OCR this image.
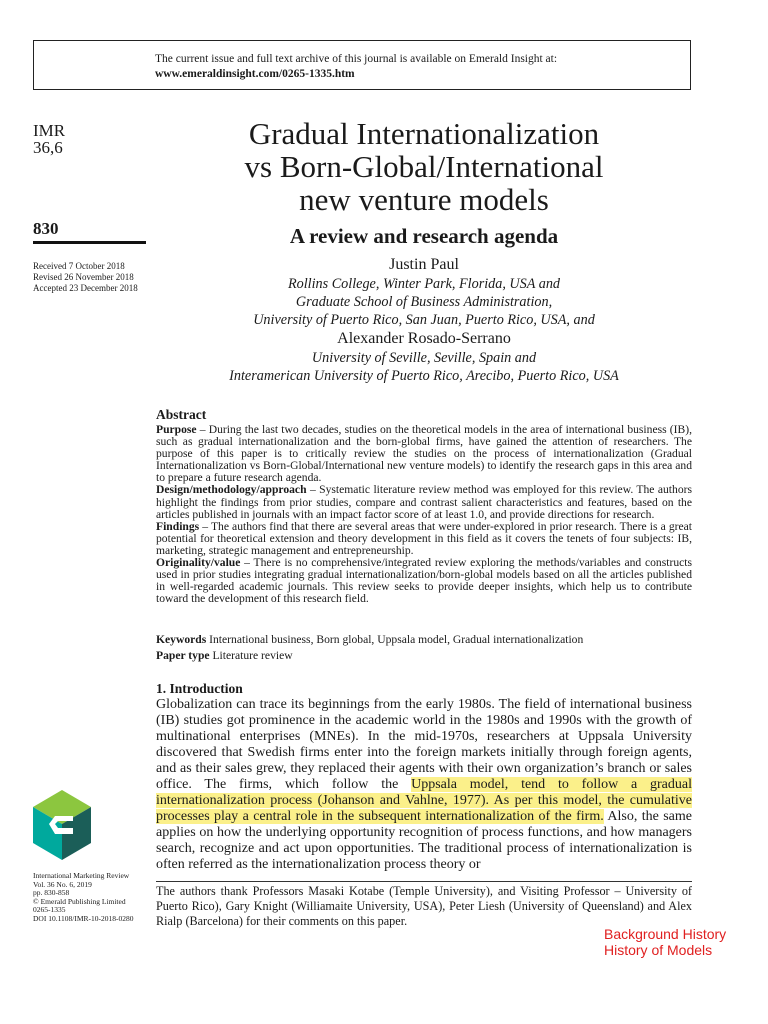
The current issue and full text archive of this journal is available on Emerald Insight at:
www.emeraldinsight.com/0265-1335.htm
IMR
36,6
830
Received 7 October 2018
Revised 26 November 2018
Accepted 23 December 2018
Gradual Internationalization
vs Born-Global/International
new venture models
A review and research agenda
Justin Paul
Rollins College, Winter Park, Florida, USA and
Graduate School of Business Administration,
University of Puerto Rico, San Juan, Puerto Rico, USA, and
Alexander Rosado-Serrano
University of Seville, Seville, Spain and
Interamerican University of Puerto Rico, Arecibo, Puerto Rico, USA
Abstract

Purpose – During the last two decades, studies on the theoretical models in the area of international business (IB), such as gradual internationalization and the born-global firms, have gained the attention of researchers. The purpose of this paper is to critically review the studies on the process of internationalization (Gradual Internationalization vs Born-Global/International new venture models) to identify the research gaps in this area and to prepare a future research agenda.

Design/methodology/approach – Systematic literature review method was employed for this review. The authors highlight the findings from prior studies, compare and contrast salient characteristics and features, based on the articles published in journals with an impact factor score of at least 1.0, and provide directions for research.

Findings – The authors find that there are several areas that were under-explored in prior research. There is a great potential for theoretical extension and theory development in this field as it covers the tenets of four subjects: IB, marketing, strategic management and entrepreneurship.

Originality/value – There is no comprehensive/integrated review exploring the methods/variables and constructs used in prior studies integrating gradual internationalization/born-global models based on all the articles published in well-regarded academic journals. This review seeks to provide deeper insights, which help us to contribute toward the development of this research field.

Keywords International business, Born global, Uppsala model, Gradual internationalization
Paper type Literature review
1. Introduction

Globalization can trace its beginnings from the early 1980s. The field of international business (IB) studies got prominence in the academic world in the 1980s and 1990s with the growth of multinational enterprises (MNEs). In the mid-1970s, researchers at Uppsala University discovered that Swedish firms enter into the foreign markets initially through foreign agents, and as their sales grew, they replaced their agents with their own organization’s branch or sales office. The firms, which follow the Uppsala model, tend to follow a gradual internationalization process (Johanson and Vahlne, 1977). As per this model, the cumulative processes play a central role in the subsequent internationalization of the firm. Also, the same applies on how the underlying opportunity recognition of process functions, and how managers search, recognize and act upon opportunities. The traditional process of internationalization is often referred as the internationalization process theory or

International Marketing Review
Vol. 36 No. 6, 2019
pp. 830-858
© Emerald Publishing Limited
0265-1335
DOI 10.1108/IMR-10-2018-0280
The authors thank Professors Masaki Kotabe (Temple University), and Visiting Professor – University of Puerto Rico), Gary Knight (Williamaite University, USA), Peter Liesh (University of Queensland) and Alex Rialp (Barcelona) for their comments on this paper.
Background History
History of Models
